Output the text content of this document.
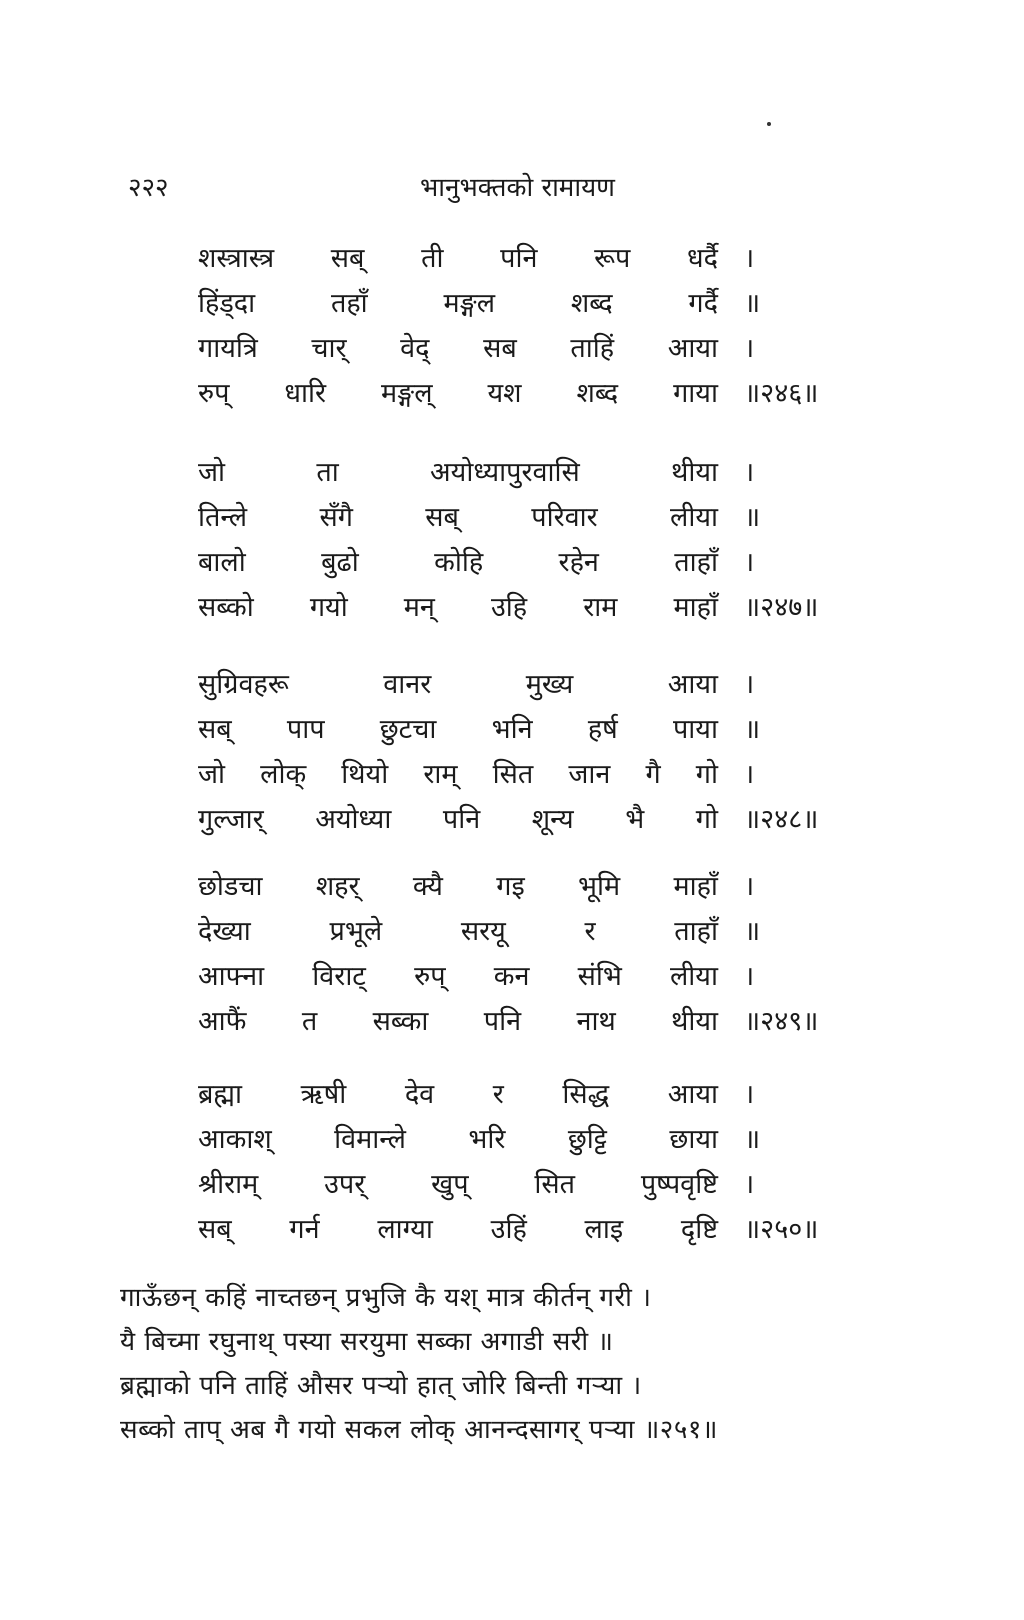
२२२	भानुभक्तको रामायण
शस्त्रास्त्र सब् ती पनि रूप धर्दै ।
हिंड्दा	तहाँ	मङ्गल	शब्द	गर्दै ॥
गायत्रि चार् वेद् सब ताहिं आया ।
रुप् धारि मङ्गल् यश शब्द गाया ॥२४६॥
जो	ता	अयोध्यापुरवासि	थीया ।
तिन्ले	सँगै	सब्	परिवार	लीया ॥
बालो	बुढो	कोहि	रहेन	ताहाँ ।
सब्को गयो मन् उहि राम माहाँ ॥२४७॥
सुग्रिवहरू	वानर	मुख्य	आया ।
सब् पाप छुटचा भनि हर्ष पाया ॥
जो लोक् थियो राम् सित जान गै गो ।
गुल्जार् अयोध्या पनि शून्य भै गो ॥२४८॥
छोडचा शहर् क्यै गइ भूमि माहाँ ।
देख्या	प्रभूले	सरयू	र	ताहाँ ॥
आफ्ना विराट् रुप् कन संभि लीया ।
आफैं त सब्का पनि नाथ थीया ॥२४९॥
ब्रह्मा ऋषी देव र सिद्ध आया ।
आकाश् विमान्ले भरि छुट्टि छाया ॥
श्रीराम् उपर् खुप् सित पुष्पवृष्टि ।
सब् गर्न लाग्या उहिं लाइ दृष्टि ॥२५०॥
गाऊँछन् कहिं नाच्तछन् प्रभुजि कै यश् मात्र कीर्तन् गरी ।
यै बिच्मा रघुनाथ् पस्या सरयुमा सब्का अगाडी सरी ॥
ब्रह्माको पनि ताहिं औसर पऱ्यो हात् जोरि बिन्ती गऱ्या ।
सब्को ताप् अब गै गयो सकल लोक् आनन्दसागर् पऱ्या ॥२५१॥
